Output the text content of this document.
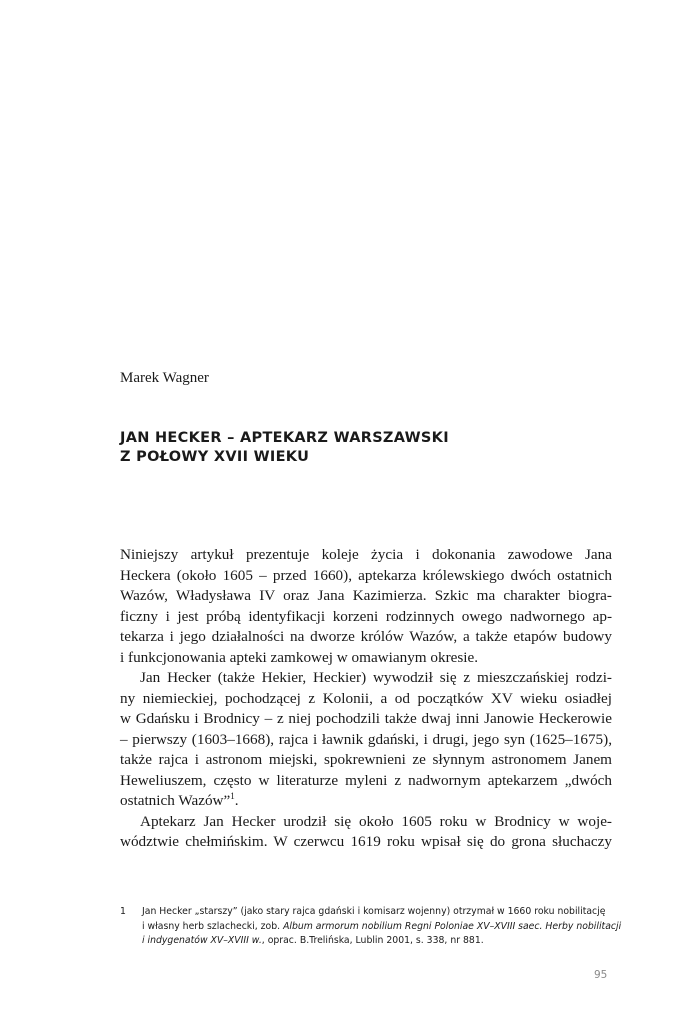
Marek Wagner
JAN HECKER – APTEKARZ WARSZAWSKI
Z POŁOWY XVII WIEKU
Niniejszy artykuł prezentuje koleje życia i dokonania zawodowe Jana
Heckera (około 1605 – przed 1660), aptekarza królewskiego dwóch ostatnich
Wazów, Władysława IV oraz Jana Kazimierza. Szkic ma charakter biogra-
ficzny i jest próbą identyfikacji korzeni rodzinnych owego nadwornego ap-
tekarza i jego działalności na dworze królów Wazów, a także etapów budowy
i funkcjonowania apteki zamkowej w omawianym okresie.
Jan Hecker (także Hekier, Heckier) wywodził się z mieszczańskiej rodzi-
ny niemieckiej, pochodzącej z Kolonii, a od początków XV wieku osiadłej
w Gdańsku i Brodnicy – z niej pochodzili także dwaj inni Janowie Heckerowie
– pierwszy (1603–1668), rajca i ławnik gdański, i drugi, jego syn (1625–1675),
także rajca i astronom miejski, spokrewnieni ze słynnym astronomem Janem
Heweliuszem, często w literaturze myleni z nadwornym aptekarzem „dwóch
ostatnich Wazów”$^1$.
Aptekarz Jan Hecker urodził się około 1605 roku w Brodnicy w woje-
wództwie chełmińskim. W czerwcu 1619 roku wpisał się do grona słuchaczy
1 Jan Hecker „starszy” (jako stary rajca gdański i komisarz wojenny) otrzymał w 1660 roku nobilitację
i własny herb szlachecki, zob. Album armorum nobilium Regni Poloniae XV–XVIII saec. Herby nobilitacji
i indygenatów XV–XVIII w., oprac. B.Trelińska, Lublin 2001, s. 338, nr 881.
95
